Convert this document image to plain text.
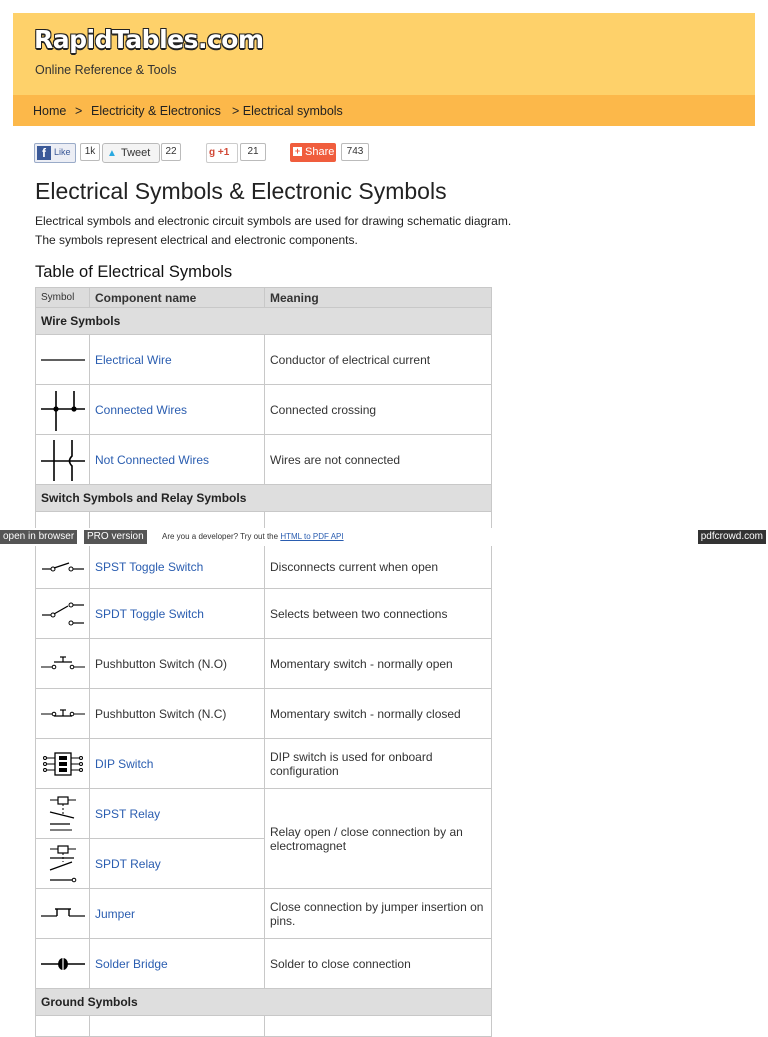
RapidTables.com
Online Reference & Tools
Home > Electricity & Electronics > Electrical symbols
f Like	1k	▲ Tweet	22	g +1	21	+ Share	743
Electrical Symbols & Electronic Symbols
Electrical symbols and electronic circuit symbols are used for drawing schematic diagram.
The symbols represent electrical and electronic components.
Table of Electrical Symbols
Symbol	Component name	Meaning
Wire Symbols		

	Electrical Wire	Conductor of electrical current

	Connected Wires	Connected crossing

	Not Connected Wires	Wires are not connected
Switch Symbols and Relay Symbols		

open in browser	PRO version	Are you a developer? Try out the HTML to PDF API	pdfcrowd.com
	SPST Toggle Switch	Disconnects current when open

	SPDT Toggle Switch	Selects between two connections

	Pushbutton Switch (N.O)	Momentary switch - normally open

	Pushbutton Switch (N.C)	Momentary switch - normally closed

	DIP Switch	DIP switch is used for onboard configuration

	SPST Relay	Relay open / close connection by an electromagnet

	SPDT Relay	

	Jumper	Close connection by jumper insertion on pins.

	Solder Bridge	Solder to close connection
Ground Symbols		
